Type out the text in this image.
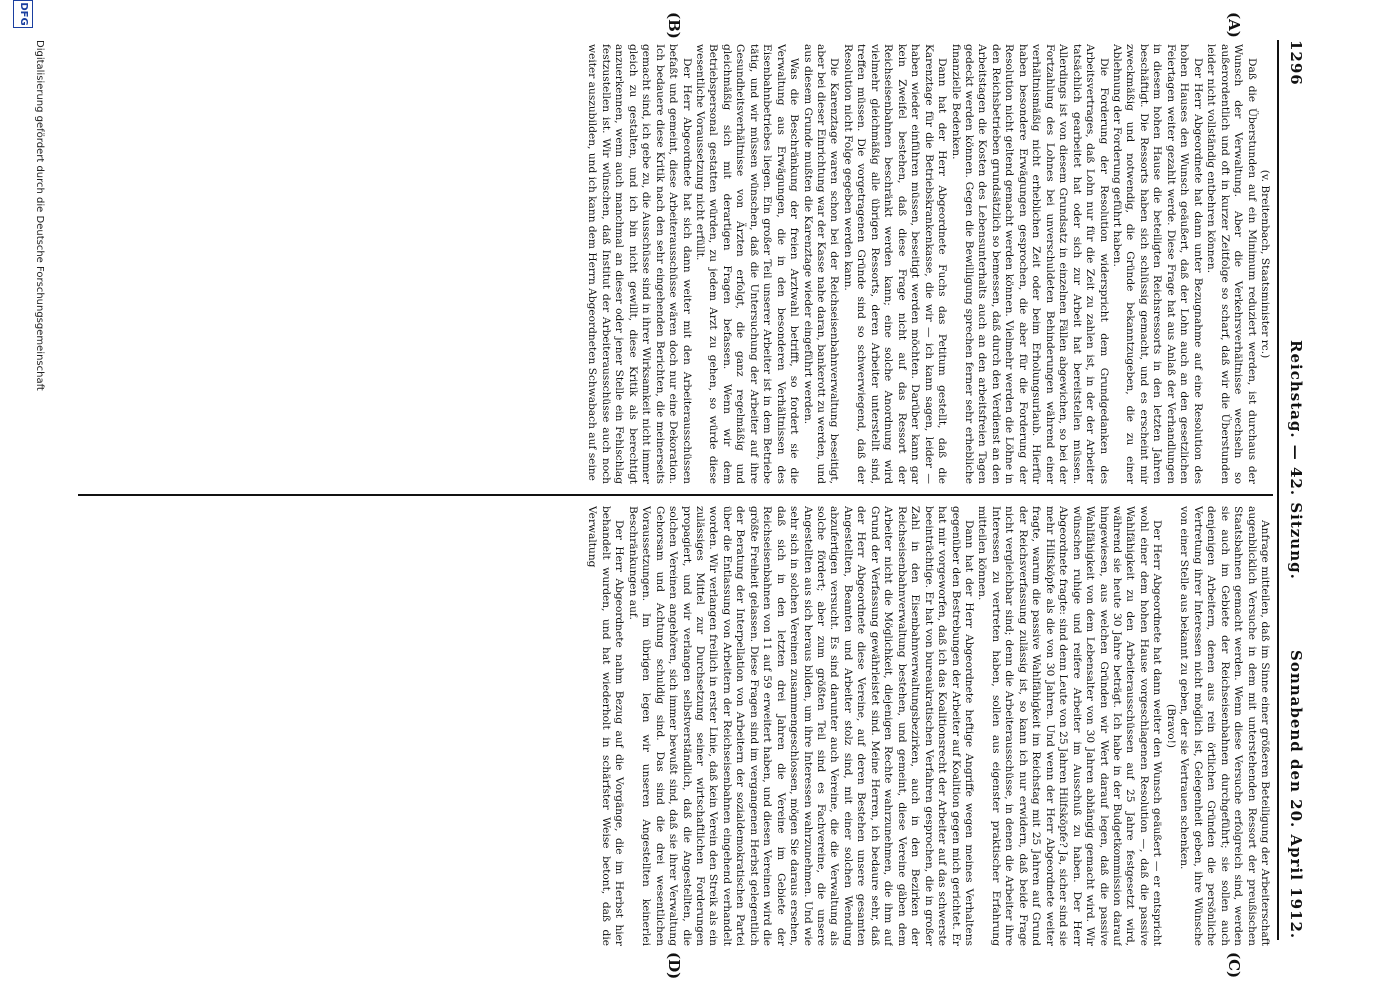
1296
Reichstag. — 42. Sitzung.
Sonnabend den 20. April 1912.
(A)
(B)
(C)
(D)

(v. Breitenbach, Staatsminister rc.)

Daß die Überstunden auf ein Minimum reduziert werden, ist durchaus der Wunsch der Verwaltung. Aber die Verkehrsverhältnisse wechseln so außerordentlich und oft in kurzer Zeitfolge so scharf, daß wir die Überstunden leider nicht vollständig entbehren können.

Der Herr Abgeordnete hat dann unter Bezugnahme auf eine Resolution des hohen Hauses den Wunsch geäußert, daß der Lohn auch an den gesetzlichen Feiertagen weiter gezahlt werde. Diese Frage hat aus Anlaß der Verhandlungen in diesem hohen Hause die beteiligten Reichsressorts in den letzten Jahren beschäftigt. Die Ressorts haben sich schlüssig gemacht, und es erscheint mir zweckmäßig und notwendig, die Gründe bekanntzugeben, die zu einer Ablehnung der Forderung geführt haben.

Die Forderung der Resolution widerspricht dem Grundgedanken des Arbeitsvertrages, daß Lohn nur für die Zeit zu zahlen ist, in der der Arbeiter tatsächlich gearbeitet hat oder sich zur Arbeit hat bereitstellen müssen. Allerdings ist von diesem Grundsatz in einzelnen Fällen abgewichen, so bei der Fortzahlung des Lohnes bei unverschuldeten Behinderungen während einer verhältnismäßig nicht erheblichen Zeit oder beim Erholungsurlaub. Hierfür haben besondere Erwägungen gesprochen, die aber für die Forderung der Resolution nicht geltend gemacht werden können. Vielmehr werden die Löhne in den Reichsbetrieben grundsätzlich so bemessen, daß durch den Verdienst an den Arbeitstagen die Kosten des Lebensunterhalts auch an den arbeitsfreien Tagen gedeckt werden können. Gegen die Bewilligung sprechen ferner sehr erhebliche finanzielle Bedenken.

Dann hat der Herr Abgeordnete Fuchs das Petitum gestellt, daß die Karenztage für die Betriebskrankenkasse, die wir — ich kann sagen, leider — haben wieder einführen müssen, beseitigt werden möchten. Darüber kann gar kein Zweifel bestehen, daß diese Frage nicht auf das Ressort der Reichseisenbahnen beschränkt werden kann; eine solche Anordnung wird vielmehr gleichmäßig alle übrigen Ressorts, deren Arbeiter unterstellt sind, treffen müssen. Die vorgetragenen Gründe sind so schwerwiegend, daß der Resolution nicht Folge gegeben werden kann.

Die Karenztage waren schon bei der Reichseisenbahnverwaltung beseitigt, aber bei dieser Einrichtung war der Kasse nahe daran, bankerott zu werden, und aus diesem Grunde mußten die Karenztage wieder eingeführt werden.

Was die Beschränkung der freien Arztwahl betrifft, so fordert sie die Verwaltung aus Erwägungen, die in den besonderen Verhältnissen des Eisenbahnbetriebes liegen. Ein großer Teil unserer Arbeiter ist in dem Betriebe tätig, und wir müssen wünschen, daß die Untersuchung der Arbeiter auf ihre Gesundheitsverhältnisse von Ärzten erfolgt, die ganz regelmäßig und gleichmäßig sich mit derartigen Fragen befassen. Wenn wir dem Betriebspersonal gestatten würden, zu jedem Arzt zu gehen, so würde diese wesentliche Voraussetzung nicht erfüllt.

Der Herr Abgeordnete hat sich dann weiter mit den Arbeiterausschüssen befaßt und gemeint, diese Arbeiterausschüsse wären doch nur eine Dekoration. Ich bedauere diese Kritik nach den sehr eingehenden Berichten, die meinerseits gemacht sind, ich gebe zu, die Ausschüsse sind in ihrer Wirksamkeit nicht immer gleich zu gestalten, und ich bin nicht gewillt, diese Kritik als berechtigt anzuerkennen, wenn auch manchmal an dieser oder jener Stelle ein Fehlschlag festzustellen ist. Wir wünschen, daß Institut der Arbeiterausschüsse auch noch weiter auszubilden, und ich kann dem Herrn Abgeordneten Schwabach auf seine

Anfrage mitteilen, daß im Sinne einer größeren Beteiligung der Arbeiterschaft augenblicklich Versuche in dem mit unterstehenden Ressort der preußischen Staatsbahnen gemacht werden. Wenn diese Versuche erfolgreich sind, werden sie auch im Gebiete der Reichseisenbahnen durchgeführt; sie sollen auch denjenigen Arbeitern, denen aus rein örtlichen Gründen die persönliche Vertretung ihrer Interessen nicht möglich ist, Gelegenheit geben, ihre Wünsche von einer Stelle aus bekannt zu geben, der sie Vertrauen schenken.

(Bravo!)

Der Herr Abgeordnete hat dann weiter den Wunsch geäußert — er entspricht wohl einer dem hohen Hause vorgeschlagenen Resolution —, daß die passive Wahlfähigkeit zu den Arbeiterausschüssen auf 25 Jahre festgesetzt wird, während sie heute 30 Jahre beträgt. Ich habe in der Budgetkommission darauf hingewiesen, aus welchen Gründen wir Wert darauf legen, daß die passive Wahlfähigkeit von dem Lebensalter von 30 Jahren abhängig gemacht wird. Wir wünschen ruhige und reifere Arbeiter im Ausschuß zu haben. Der Herr Abgeordnete fragte: sind denn Leute von 25 Jahren Hilfsköpfe? Ja, sicher sind sie mehr Hilfsköpfe als die von 30 Jahren. Und wenn der Herr Abgeordnete weiter fragte, warum die passive Wahlfähigkeit im Reichstag mit 25 Jahren auf Grund der Reichsverfassung zulässig ist, so kann ich nur erwidern, daß beide Frage nicht vergleichbar sind; denn die Arbeiterausschüsse, in denen die Arbeiter ihre Interessen zu vertreten haben, sollen aus eigenster praktischer Erfahrung mitteilen können.

Dann hat der Herr Abgeordnete heftige Angriffe wegen meines Verhaltens gegenüber den Bestrebungen der Arbeiter auf Koalition gegen mich gerichtet. Er hat mir vorgeworfen, daß ich das Koalitionsrecht der Arbeiter auf das schwerste beeinträchtige. Er hat von bureaukratischen Verfahren gesprochen, die in großer Zahl in den Eisenbahnverwaltungsbezirken, auch in den Bezirken der Reichseisenbahnverwaltung bestehen, und gemeint, diese Vereine gäben dem Arbeiter nicht die Möglichkeit, diejenigen Rechte wahrzunehmen, die ihm auf Grund der Verfassung gewährleistet sind. Meine Herren, ich bedaure sehr, daß der Herr Abgeordnete diese Vereine, auf deren Bestehen unsere gesamten Angestellten, Beamten und Arbeiter stolz sind, mit einer solchen Wendung abzufertigen versucht. Es sind darunter auch Vereine, die die Verwaltung als solche fördert; aber zum größten Teil sind es Fachvereine, die unsere Angestellten aus sich heraus bilden, um ihre Interessen wahrzunehmen. Und wie sehr sich in solchen Vereinen zusammengeschlossen, mögen Sie daraus ersehen, daß sich in den letzten drei Jahren die Vereine im Gebiete der Reichseisenbahnen von 11 auf 59 erweitert haben, und diesen Vereinen wird die größte Freiheit gelassen. Diese Fragen sind im vergangenen Herbst gelegentlich der Beratung der Interpellation von Arbeitern der sozialdemokratischen Partei über die Entlassung von Arbeitern der Reichseisenbahnen eingehend verhandelt worden. Wir verlangen freilich in erster Linie, daß kein Verein den Streik als ein zulässiges Mittel zur Durchsetzung seiner wirtschaftlichen Forderungen propagiert, und wir verlangen selbstverständlich, daß die Angestellten, die solchen Vereinen angehören, sich immer bewußt sind, daß sie ihrer Verwaltung Gehorsam und Achtung schuldig sind. Das sind die drei wesentlichen Voraussetzungen. Im übrigen legen wir unseren Angestellten keinerlei Beschränkungen auf.

Der Herr Abgeordnete nahm Bezug auf die Vorgänge, die im Herbst hier behandelt wurden, und hat wiederholt in schärfster Weise betont, daß die Verwaltung

Digitalisierung gefördert durch die Deutsche Forschungsgemeinschaft
DFG
